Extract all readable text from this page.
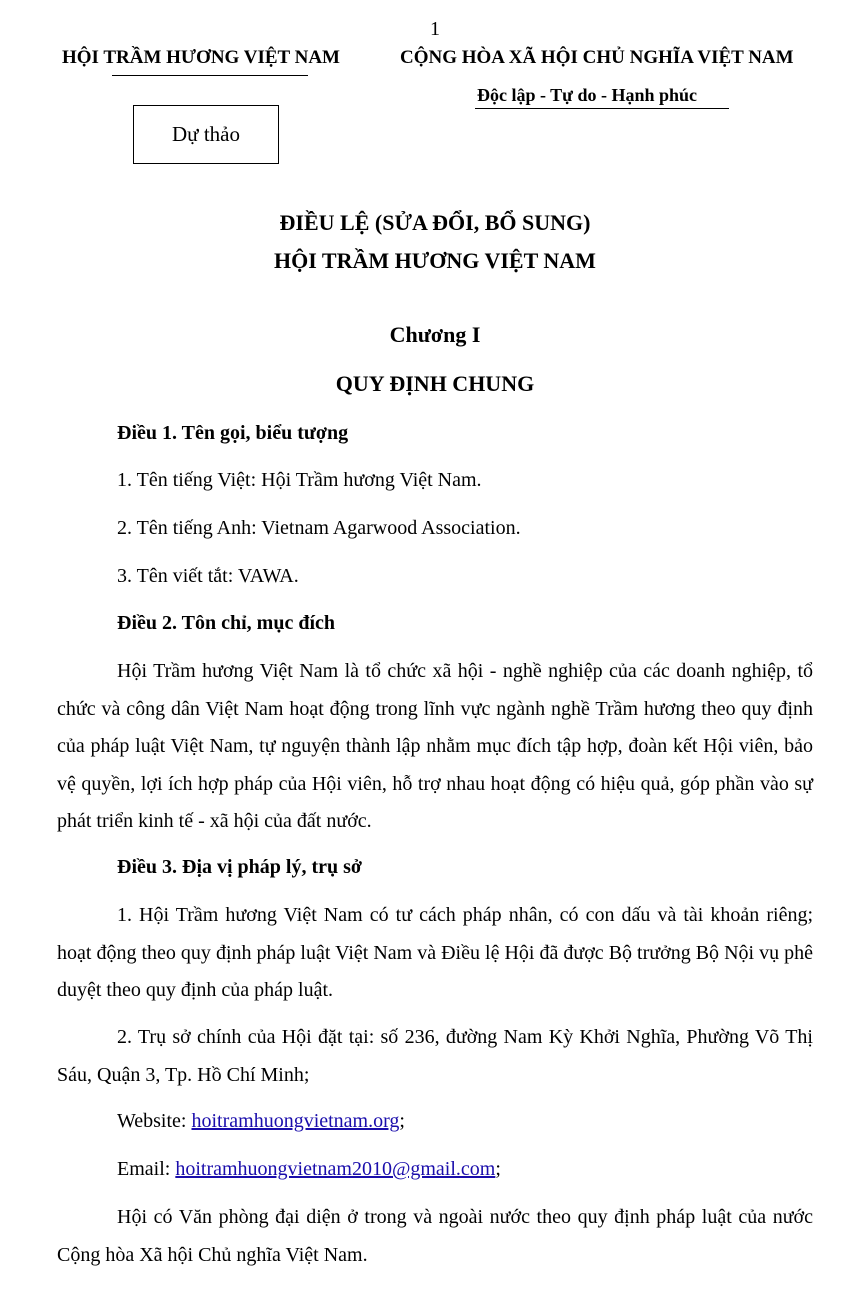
1
HỘI TRẦM HƯƠNG VIỆT NAM	CỘNG HÒA XÃ HỘI CHỦ NGHĨA VIỆT NAM
Độc lập - Tự do - Hạnh phúc
Dự thảo
ĐIỀU LỆ (SỬA ĐỔI, BỔ SUNG)
HỘI TRẦM HƯƠNG VIỆT NAM
Chương I
QUY ĐỊNH CHUNG
Điều 1. Tên gọi, biểu tượng
1. Tên tiếng Việt: Hội Trầm hương Việt Nam.
2. Tên tiếng Anh: Vietnam Agarwood Association.
3. Tên viết tắt: VAWA.
Điều 2. Tôn chỉ, mục đích
Hội Trầm hương Việt Nam là tổ chức xã hội - nghề nghiệp của các doanh nghiệp, tổ chức và công dân Việt Nam hoạt động trong lĩnh vực ngành nghề Trầm hương theo quy định của pháp luật Việt Nam, tự nguyện thành lập nhằm mục đích tập hợp, đoàn kết Hội viên, bảo vệ quyền, lợi ích hợp pháp của Hội viên, hỗ trợ nhau hoạt động có hiệu quả, góp phần vào sự phát triển kinh tế - xã hội của đất nước.
Điều 3. Địa vị pháp lý, trụ sở
1. Hội Trầm hương Việt Nam có tư cách pháp nhân, có con dấu và tài khoản riêng; hoạt động theo quy định pháp luật Việt Nam và Điều lệ Hội đã được Bộ trưởng Bộ Nội vụ phê duyệt theo quy định của pháp luật.
2. Trụ sở chính của Hội đặt tại: số 236, đường Nam Kỳ Khởi Nghĩa, Phường Võ Thị Sáu, Quận 3, Tp. Hồ Chí Minh;
Website: hoitramhuongvietnam.org;
Email: hoitramhuongvietnam2010@gmail.com;
Hội có Văn phòng đại diện ở trong và ngoài nước theo quy định pháp luật của nước Cộng hòa Xã hội Chủ nghĩa Việt Nam.
